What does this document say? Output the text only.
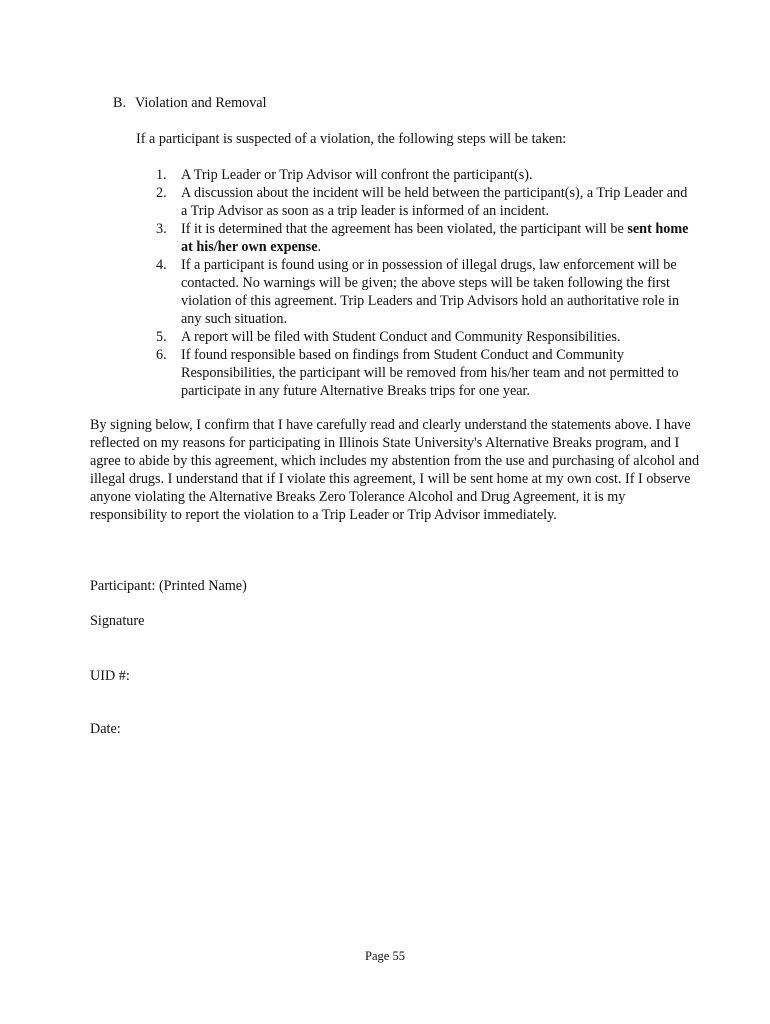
B. Violation and Removal
If a participant is suspected of a violation, the following steps will be taken:
1.	A Trip Leader or Trip Advisor will confront the participant(s).
2.	A discussion about the incident will be held between the participant(s), a Trip Leader and a Trip Advisor as soon as a trip leader is informed of an incident.
3.	If it is determined that the agreement has been violated, the participant will be sent home at his/her own expense.
4.	If a participant is found using or in possession of illegal drugs, law enforcement will be contacted. No warnings will be given; the above steps will be taken following the first violation of this agreement. Trip Leaders and Trip Advisors hold an authoritative role in any such situation.
5.	A report will be filed with Student Conduct and Community Responsibilities.
6.	If found responsible based on findings from Student Conduct and Community Responsibilities, the participant will be removed from his/her team and not permitted to participate in any future Alternative Breaks trips for one year.

By signing below, I confirm that I have carefully read and clearly understand the statements above. I have reflected on my reasons for participating in Illinois State University's Alternative Breaks program, and I agree to abide by this agreement, which includes my abstention from the use and purchasing of alcohol and illegal drugs. I understand that if I violate this agreement, I will be sent home at my own cost. If I observe anyone violating the Alternative Breaks Zero Tolerance Alcohol and Drug Agreement, it is my responsibility to report the violation to a Trip Leader or Trip Advisor immediately.

Participant: (Printed Name)
Signature
UID #:
Date:
Page 55
